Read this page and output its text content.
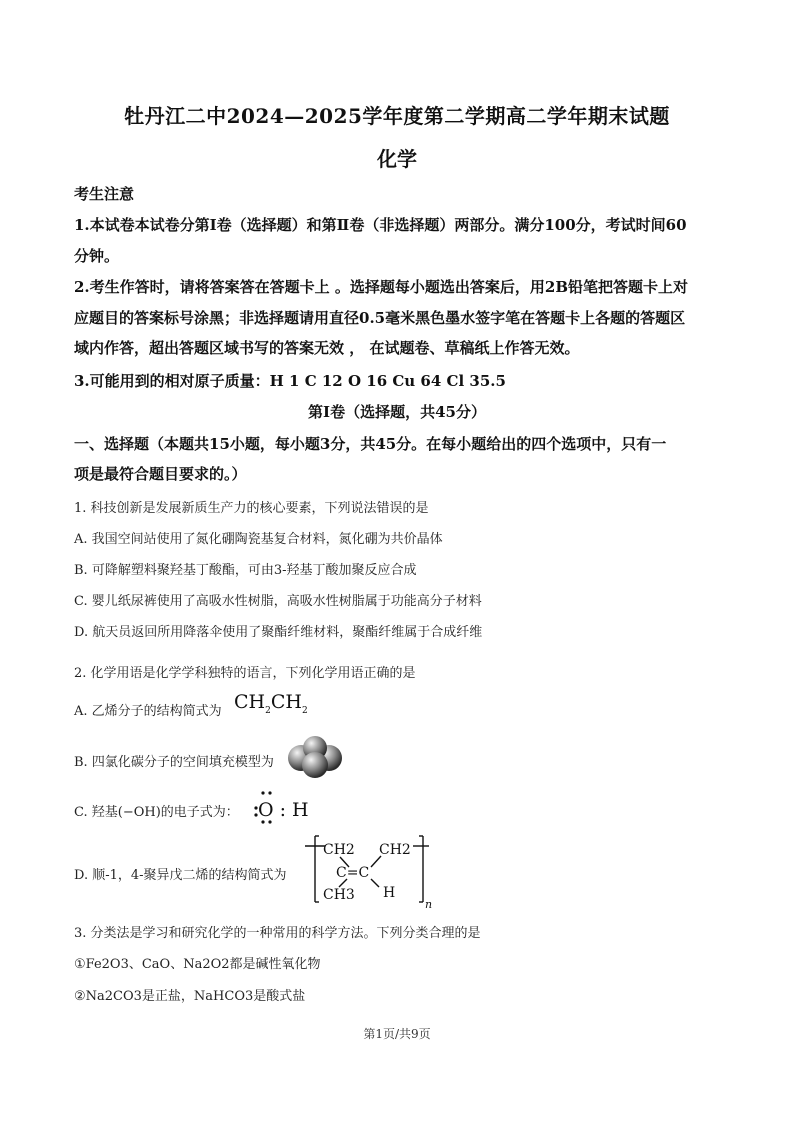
牡丹江二中2024—2025学年度第二学期高二学年期末试题
化学
考生注意
1.本试卷本试卷分第Ⅰ卷（选择题）和第Ⅱ卷（非选择题）两部分。满分100分，考试时间60
分钟。
2.考生作答时，请将答案答在答题卡上 。选择题每小题选出答案后，用2B铅笔把答题卡上对
应题目的答案标号涂黑；非选择题请用直径0.5毫米黑色墨水签字笔在答题卡上各题的答题区
域内作答，超出答题区域书写的答案无效 ， 在试题卷、草稿纸上作答无效。
3.可能用到的相对原子质量：H 1 C 12 O 16 Cu 64 Cl 35.5
第Ⅰ卷（选择题，共45分）
一、选择题（本题共15小题，每小题3分，共45分。在每小题给出的四个选项中，只有一
项是最符合题目要求的。）
1. 科技创新是发展新质生产力的核心要素，下列说法错误的是
A. 我国空间站使用了氮化硼陶瓷基复合材料，氮化硼为共价晶体
B. 可降解塑料聚羟基丁酸酯，可由3-羟基丁酸加聚反应合成
C. 婴儿纸尿裤使用了高吸水性树脂，高吸水性树脂属于功能高分子材料
D. 航天员返回所用降落伞使用了聚酯纤维材料，聚酯纤维属于合成纤维
2. 化学用语是化学学科独特的语言，下列化学用语正确的是
A. 乙烯分子的结构简式为 $CH_2CH_2$
B. 四氯化碳分子的空间填充模型为
C. 羟基(−OH)的电子式为：	O : H
D. 顺-1，4-聚异戊二烯的结构简式为
CH2 CH2
C=C
CH3 H
n
3. 分类法是学习和研究化学的一种常用的科学方法。下列分类合理的是
①Fe2O3、CaO、Na2O2都是碱性氧化物
②Na2CO3是正盐，NaHCO3是酸式盐
第1页/共9页
